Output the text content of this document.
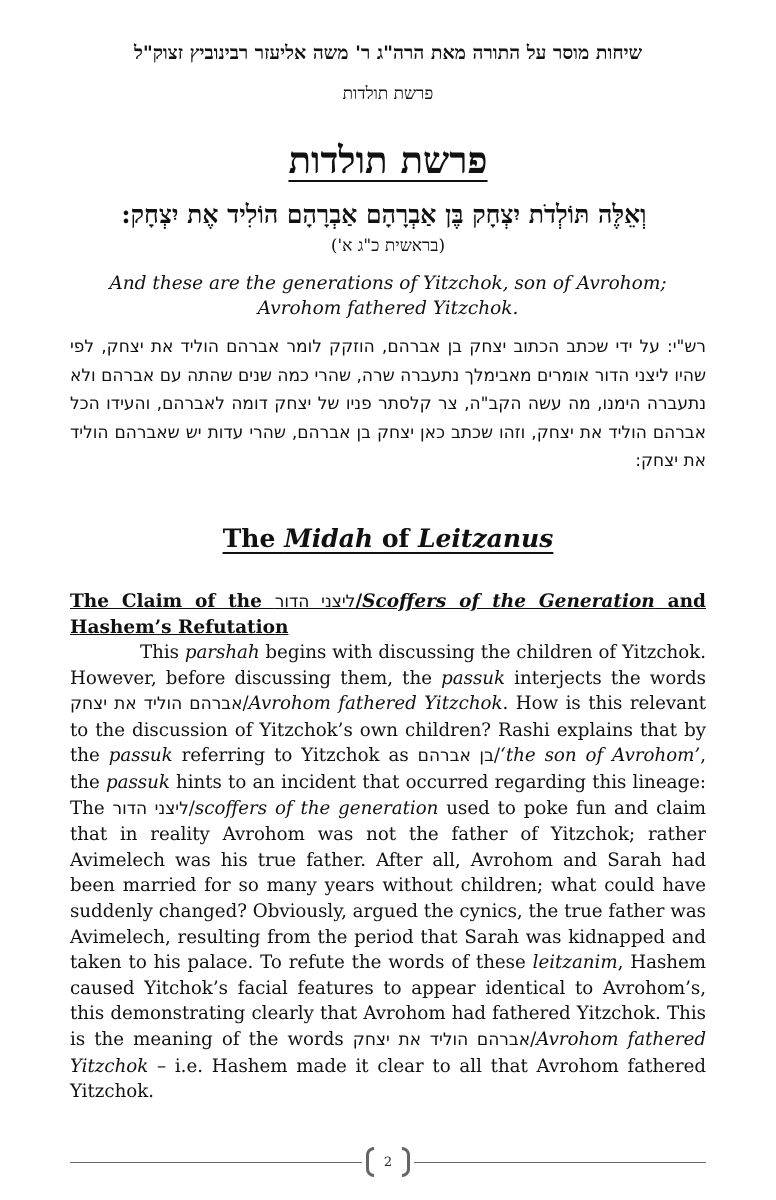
שיחות מוסר על התורה מאת הרה"ג ר' משה אליעזר רבינוביץ זצוק"ל
פרשת תולדות
פרשת תולדות
וְאֵלֶּה תּוֹלְדֹת יִצְחָק בֶּן אַבְרָהָם אַבְרָהָם הוֹלִיד אֶת יִצְחָק:
(בראשית כ"ג א')
And these are the generations of Yitzchok, son of Avrohom;
Avrohom fathered Yitzchok.
רש"י: על ידי שכתב הכתוב יצחק בן אברהם, הוזקק לומר אברהם הוליד את יצחק, לפי שהיו ליצני הדור אומרים מאבימלך נתעברה שרה, שהרי כמה שנים שהתה עם אברהם ולא נתעברה הימנו, מה עשה הקב"ה, צר קלסתר פניו של יצחק דומה לאברהם, והעידו הכל אברהם הוליד את יצחק, וזהו שכתב כאן יצחק בן אברהם, שהרי עדות יש שאברהם הוליד את יצחק:
The Midah of Leitzanus
The Claim of the ליצני הדור/Scoffers of the Generation and Hashem’s Refutation

This parshah begins with discussing the children of Yitzchok. However, before discussing them, the passuk interjects the words אברהם הוליד את יצחק/Avrohom fathered Yitzchok. How is this relevant to the discussion of Yitzchok’s own children? Rashi explains that by the passuk referring to Yitzchok as בן אברהם/‘the son of Avrohom’, the passuk hints to an incident that occurred regarding this lineage: The ליצני הדור/scoffers of the generation used to poke fun and claim that in reality Avrohom was not the father of Yitzchok; rather Avimelech was his true father. After all, Avrohom and Sarah had been married for so many years without children; what could have suddenly changed? Obviously, argued the cynics, the true father was Avimelech, resulting from the period that Sarah was kidnapped and taken to his palace. To refute the words of these leitzanim, Hashem caused Yitchok’s facial features to appear identical to Avrohom’s, this demonstrating clearly that Avrohom had fathered Yitzchok. This is the meaning of the words אברהם הוליד את יצחק/Avrohom fathered Yitzchok – i.e. Hashem made it clear to all that Avrohom fathered Yitzchok.

2
